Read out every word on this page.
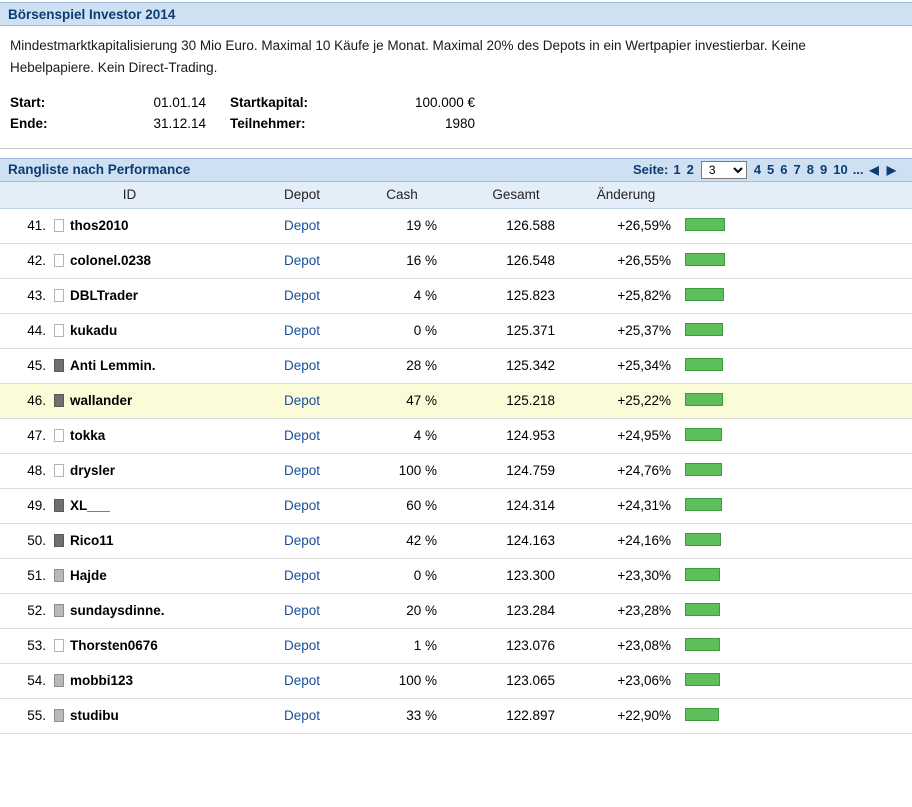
Börsenspiel Investor 2014
Mindestmarktkapitalisierung 30 Mio Euro. Maximal 10 Käufe je Monat. Maximal 20% des Depots in ein Wertpapier investierbar. Keine Hebelpapiere. Kein Direct-Trading.
Start:	01.01.14	Startkapital:	100.000 €
Ende:	31.12.14	Teilnehmer:	1980
Rangliste nach Performance	Seite: 1 2
3	4 5 6 7 8 9 10 ... ◀ ▶
ID		Depot	Cash	Gesamt	Änderung	
41.	thos2010	Depot	19 %	126.588	+26,59%	
42.	colonel.0238	Depot	16 %	126.548	+26,55%	
43.	DBLTrader	Depot	4 %	125.823	+25,82%	
44.	kukadu	Depot	0 %	125.371	+25,37%	
45.	Anti Lemmin.	Depot	28 %	125.342	+25,34%	
46.	wallander	Depot	47 %	125.218	+25,22%	
47.	tokka	Depot	4 %	124.953	+24,95%	
48.	drysler	Depot	100 %	124.759	+24,76%	
49.	XL___	Depot	60 %	124.314	+24,31%	
50.	Rico11	Depot	42 %	124.163	+24,16%	
51.	Hajde	Depot	0 %	123.300	+23,30%	
52.	sundaysdinne.	Depot	20 %	123.284	+23,28%	
53.	Thorsten0676	Depot	1 %	123.076	+23,08%	
54.	mobbi123	Depot	100 %	123.065	+23,06%	
55.	studibu	Depot	33 %	122.897	+22,90%	
